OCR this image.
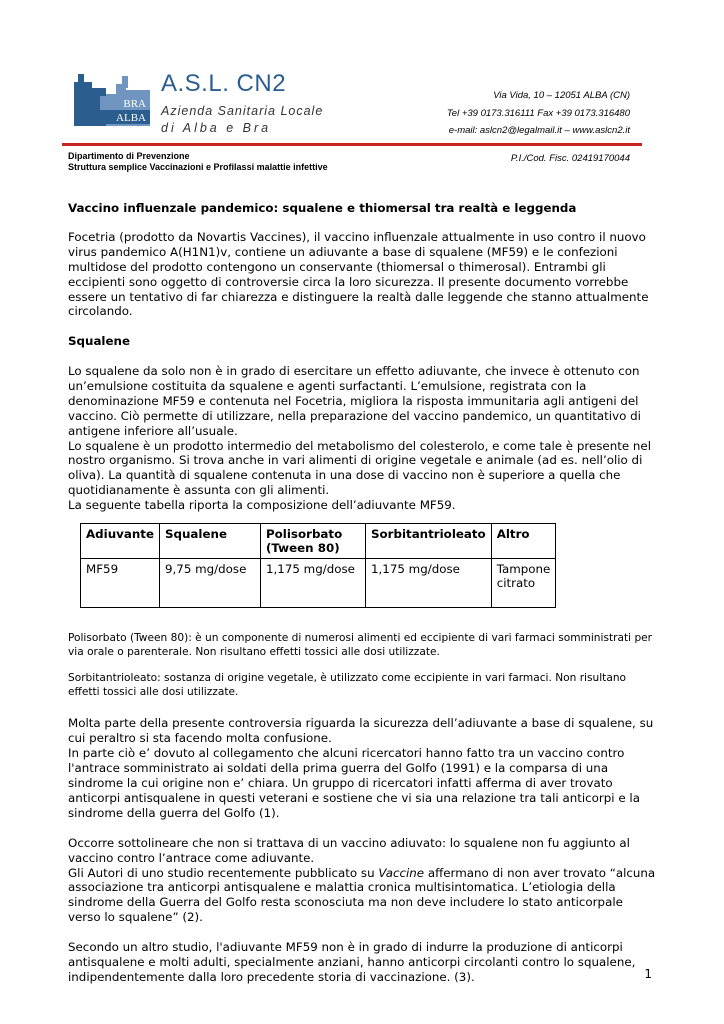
BRA
ALBA
A.S.L. CN2
Azienda Sanitaria Locale
di Alba e Bra
Via Vida, 10 – 12051 ALBA (CN)
Tel +39 0173.316111 Fax +39 0173.316480
e-mail: aslcn2@legalmail.it – www.aslcn2.it
Dipartimento di Prevenzione
Struttura semplice Vaccinazioni e Profilassi malattie infettive
P.I./Cod. Fisc. 02419170044

Vaccino influenzale pandemico: squalene e thiomersal tra realtà e leggenda

Focetria (prodotto da Novartis Vaccines), il vaccino influenzale attualmente in uso contro il nuovo virus pandemico A(H1N1)v, contiene un adiuvante a base di squalene (MF59) e le confezioni multidose del prodotto contengono un conservante (thiomersal o thimerosal). Entrambi gli eccipienti sono oggetto di controversie circa la loro sicurezza. Il presente documento vorrebbe essere un tentativo di far chiarezza e distinguere la realtà dalle leggende che stanno attualmente circolando.

Squalene

Lo squalene da solo non è in grado di esercitare un effetto adiuvante, che invece è ottenuto con un’emulsione costituita da squalene e agenti surfactanti. L’emulsione, registrata con la denominazione MF59 e contenuta nel Focetria, migliora la risposta immunitaria agli antigeni del vaccino. Ciò permette di utilizzare, nella preparazione del vaccino pandemico, un quantitativo di antigene inferiore all’usuale.

Lo squalene è un prodotto intermedio del metabolismo del colesterolo, e come tale è presente nel nostro organismo. Si trova anche in vari alimenti di origine vegetale e animale (ad es. nell’olio di oliva). La quantità di squalene contenuta in una dose di vaccino non è superiore a quella che quotidianamente è assunta con gli alimenti.

La seguente tabella riporta la composizione dell’adiuvante MF59.

Adiuvante	Squalene	Polisorbato (Tween 80)	Sorbitantrioleato	Altro
MF59	9,75 mg/dose	1,175 mg/dose	1,175 mg/dose	Tampone citrato

Polisorbato (Tween 80): è un componente di numerosi alimenti ed eccipiente di vari farmaci somministrati per via orale o parenterale. Non risultano effetti tossici alle dosi utilizzate.

Sorbitantrioleato: sostanza di origine vegetale, è utilizzato come eccipiente in vari farmaci. Non risultano effetti tossici alle dosi utilizzate.

Molta parte della presente controversia riguarda la sicurezza dell’adiuvante a base di squalene, su cui peraltro si sta facendo molta confusione.

In parte ciò e’ dovuto al collegamento che alcuni ricercatori hanno fatto tra un vaccino contro l'antrace somministrato ai soldati della prima guerra del Golfo (1991) e la comparsa di una sindrome la cui origine non e’ chiara. Un gruppo di ricercatori infatti afferma di aver trovato anticorpi antisqualene in questi veterani e sostiene che vi sia una relazione tra tali anticorpi e la sindrome della guerra del Golfo (1).

Occorre sottolineare che non si trattava di un vaccino adiuvato: lo squalene non fu aggiunto al vaccino contro l’antrace come adiuvante.

Gli Autori di uno studio recentemente pubblicato su Vaccine affermano di non aver trovato “alcuna associazione tra anticorpi antisqualene e malattia cronica multisintomatica. L’etiologia della sindrome della Guerra del Golfo resta sconosciuta ma non deve includere lo stato anticorpale verso lo squalene” (2).

Secondo un altro studio, l'adiuvante MF59 non è in grado di indurre la produzione di anticorpi antisqualene e molti adulti, specialmente anziani, hanno anticorpi circolanti contro lo squalene, indipendentemente dalla loro precedente storia di vaccinazione. (3).	1
